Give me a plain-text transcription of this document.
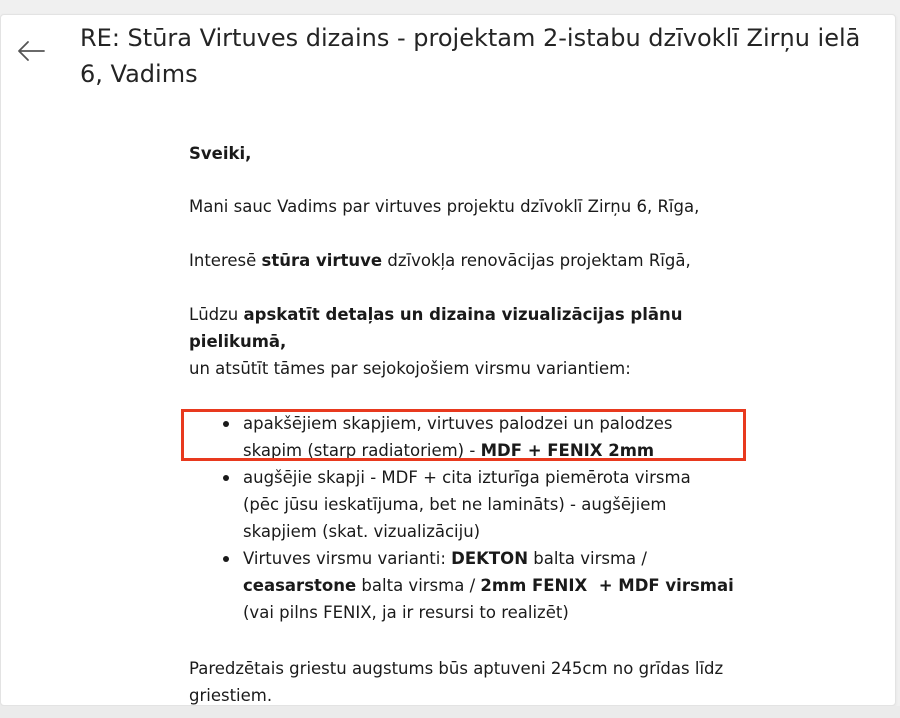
RE: Stūra Virtuves dizains - projektam 2-istabu dzīvoklī Zirņu ielā 6, Vadims
Sveiki,
Mani sauc Vadims par virtuves projektu dzīvoklī Zirņu 6, Rīga,
Interesē stūra virtuve dzīvokļa renovācijas projektam Rīgā,
Lūdzu apskatīt detaļas un dizaina vizualizācijas plānu
pielikumā,
un atsūtīt tāmes par sejokojošiem virsmu variantiem:
apakšējiem skapjiem, virtuves palodzei un palodzes
skapim (starp radiatoriem) - MDF + FENIX 2mm
augšējie skapji - MDF + cita izturīga piemērota virsma
(pēc jūsu ieskatījuma, bet ne lamināts) - augšējiem
skapjiem (skat. vizualizāciju)
Virtuves virsmu varianti: DEKTON balta virsma /
ceasarstone balta virsma / 2mm FENIX  + MDF virsmai
(vai pilns FENIX, ja ir resursi to realizēt)
Paredzētais griestu augstums būs aptuveni 245cm no grīdas līdz
griestiem.
